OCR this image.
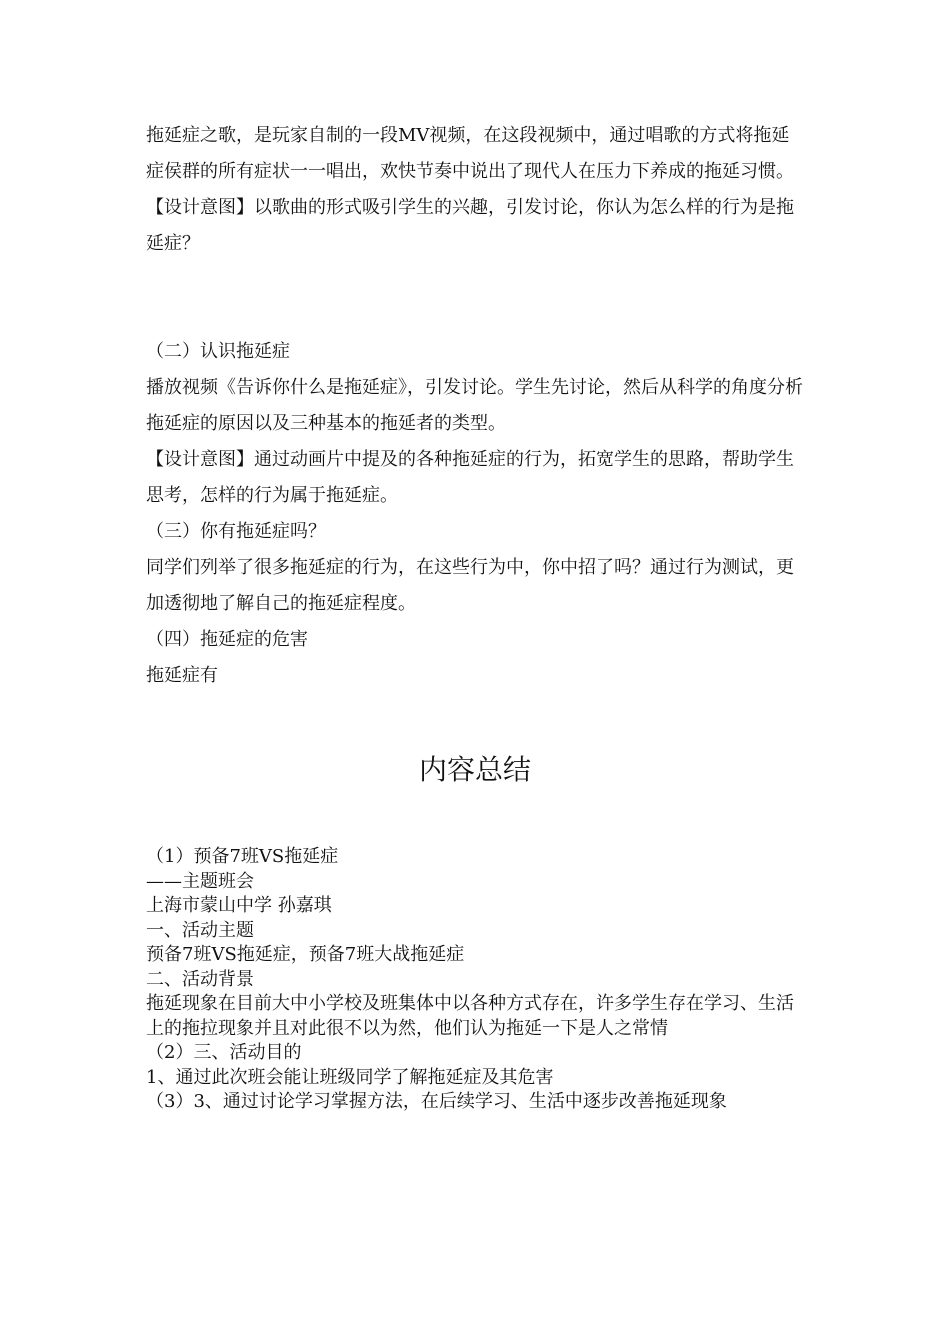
拖延症之歌，是玩家自制的一段MV视频，在这段视频中，通过唱歌的方式将拖延症侯群的所有症状一一唱出，欢快节奏中说出了现代人在压力下养成的拖延习惯。

【设计意图】以歌曲的形式吸引学生的兴趣，引发讨论，你认为怎么样的行为是拖延症？

（二）认识拖延症

播放视频《告诉你什么是拖延症》，引发讨论。学生先讨论，然后从科学的角度分析拖延症的原因以及三种基本的拖延者的类型。

【设计意图】通过动画片中提及的各种拖延症的行为，拓宽学生的思路，帮助学生思考，怎样的行为属于拖延症。

（三）你有拖延症吗？

同学们列举了很多拖延症的行为，在这些行为中，你中招了吗？通过行为测试，更加透彻地了解自己的拖延症程度。

（四）拖延症的危害

拖延症有

内容总结

（1）预备7班VS拖延症

——主题班会

上海市蒙山中学 孙嘉琪

一、活动主题

预备7班VS拖延症，预备7班大战拖延症

二、活动背景

拖延现象在目前大中小学校及班集体中以各种方式存在，许多学生存在学习、生活上的拖拉现象并且对此很不以为然，他们认为拖延一下是人之常情

（2）三、活动目的

1、通过此次班会能让班级同学了解拖延症及其危害

（3）3、通过讨论学习掌握方法，在后续学习、生活中逐步改善拖延现象
